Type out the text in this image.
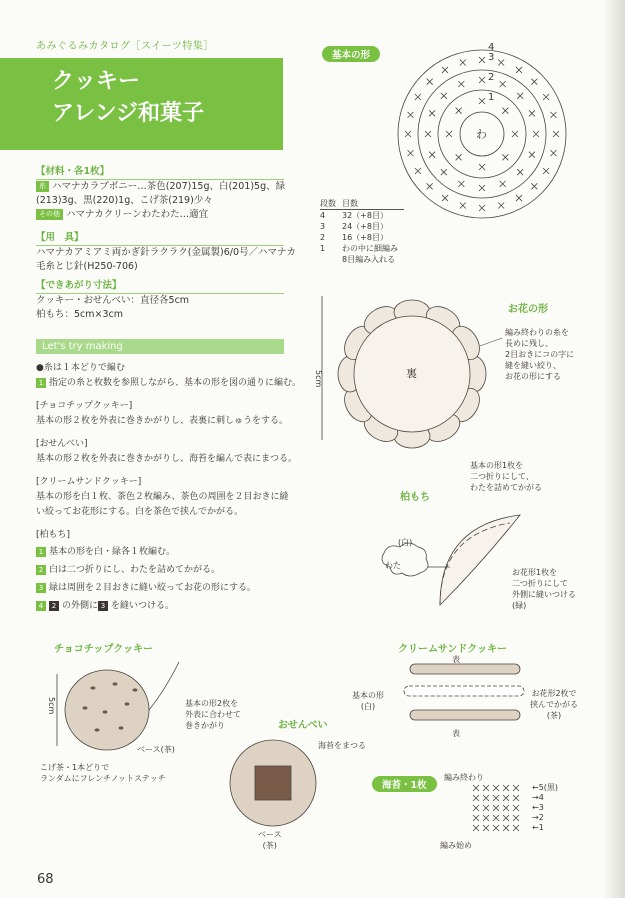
あみぐるみカタログ［スイーツ特集］
クッキー
アレンジ和菓子
【材料・各1枚】
糸 ハマナカラブボニー…茶色(207)15g、白(201)5g、緑
(213)3g、黒(220)1g、こげ茶(219)少々
その他 ハマナカクリーンわたわた…適宜
【用　具】
ハマナカアミアミ両かぎ針ラクラク(金属製)6/0号／ハマナカ
毛糸とじ針(H250-706)
【できあがり寸法】
クッキー・おせんべい：直径各5cm
柏もち：5cm×3cm
Let's try making
●糸は１本どりで編む
1 指定の糸と枚数を参照しながら、基本の形を図の通りに編む。
[チョコチップクッキー]
基本の形２枚を外表に巻きかがりし、表裏に刺しゅうをする。
[おせんべい]
基本の形２枚を外表に巻きかがりし、海苔を編んで表にまつる。
[クリームサンドクッキー]
基本の形を白１枚、茶色２枚編み、茶色の周囲を２目おきに縫
い絞ってお花形にする。白を茶色で挟んでかがる。
[柏もち]
1 基本の形を白・緑各１枚編む。
2 白は二つ折りにし、わたを詰めてかがる。
3 緑は周囲を２目おきに縫い絞ってお花の形にする。
4 2 の外側に 3 を縫いつける。
基本の形
わ
1
2
3
4
段数	目数
4	32（+8目）
3	24（+8目）
2	16（+8目）
1	わの中に細編み
	8目編み入れる
お花の形
裏
5cm
編み終わりの糸を
長めに残し、
2目おきにコの字に
縫を縫い絞り、
お花の形にする
柏もち
基本の形1枚を
二つ折りにして、
わたを詰めてかがる
(白)
わた
お花形1枚を
二つ折りにして
外側に縫いつける
(緑)
チョコチップクッキー
5cm
ベース(茶)
こげ茶・1本どりで
ランダムにフレンチノットステッチ
基本の形2枚を
外表に合わせて
巻きかがり	おせんべい
海苔をまつる
ベース
(茶)
クリームサンドクッキー
表
表
基本の形
(白)
お花形2枚で
挟んでかがる
(茶)
海苔・1枚
編み終わり
←5(黒)
→4
←3
→2
←1
編み始め
68
